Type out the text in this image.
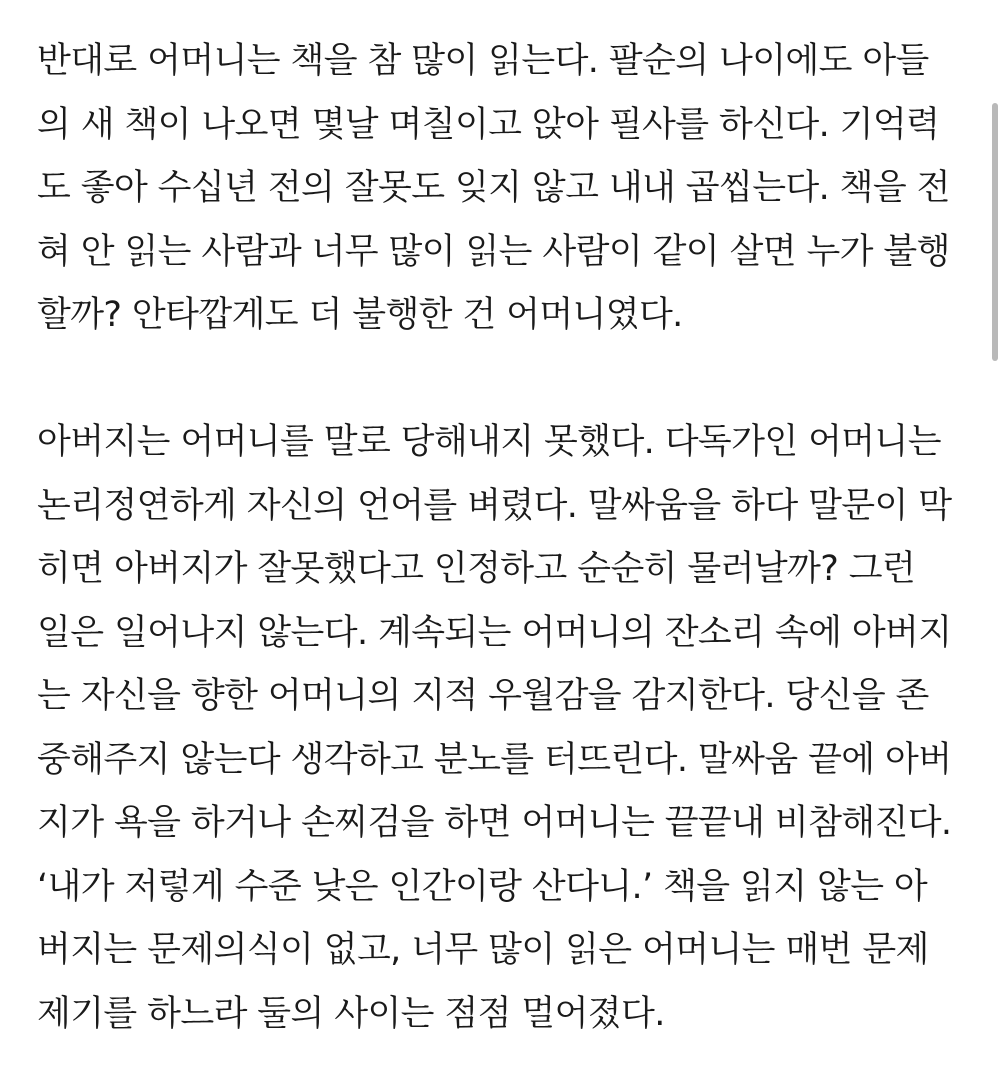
반대로 어머니는 책을 참 많이 읽는다. 팔순의 나이에도 아들
의 새 책이 나오면 몇날 며칠이고 앉아 필사를 하신다. 기억력
도 좋아 수십년 전의 잘못도 잊지 않고 내내 곱씹는다. 책을 전
혀 안 읽는 사람과 너무 많이 읽는 사람이 같이 살면 누가 불행
할까? 안타깝게도 더 불행한 건 어머니였다.
아버지는 어머니를 말로 당해내지 못했다. 다독가인 어머니는
논리정연하게 자신의 언어를 벼렸다. 말싸움을 하다 말문이 막
히면 아버지가 잘못했다고 인정하고 순순히 물러날까? 그런
일은 일어나지 않는다. 계속되는 어머니의 잔소리 속에 아버지
는 자신을 향한 어머니의 지적 우월감을 감지한다. 당신을 존
중해주지 않는다 생각하고 분노를 터뜨린다. 말싸움 끝에 아버
지가 욕을 하거나 손찌검을 하면 어머니는 끝끝내 비참해진다.
‘내가 저렇게 수준 낮은 인간이랑 산다니.’ 책을 읽지 않는 아
버지는 문제의식이 없고, 너무 많이 읽은 어머니는 매번 문제
제기를 하느라 둘의 사이는 점점 멀어졌다.
